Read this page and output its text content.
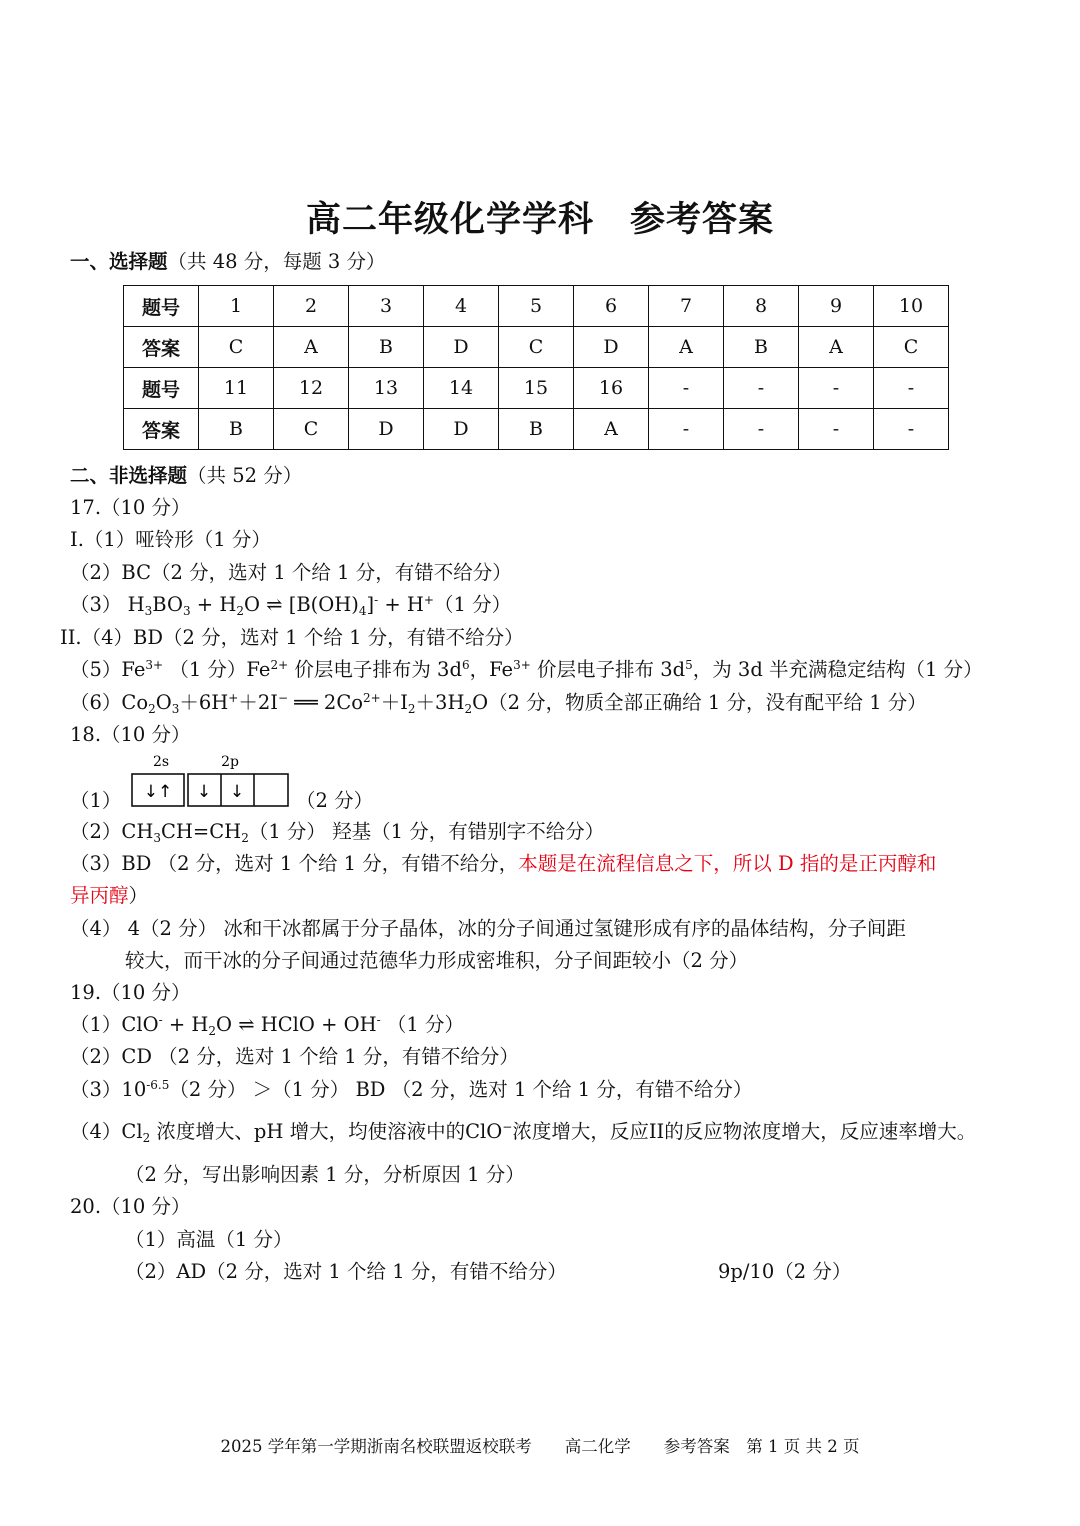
高二年级化学学科　参考答案
一、选择题（共 48 分，每题 3 分）
题号	1	2	3	4	5	6	7	8	9	10
答案	C	A	B	D	C	D	A	B	A	C
题号	11	12	13	14	15	16	-	-	-	-
答案	B	C	D	D	B	A	-	-	-	-
二、非选择题（共 52 分）
17.（10 分）
I.（1）哑铃形（1 分）
（2）BC（2 分，选对 1 个给 1 分，有错不给分）
（3） $H_3BO_3 + H_2O$ ⇌ $[B(OH)_4]^- + H^+(1$ 分）
II.（4）BD（2 分，选对 1 个给 1 分，有错不给分）
$(5)Fe^{3+}$ （1 分）$Fe^{2+}$ 价层电子排布为 $3d^6$，$Fe^{3+}$ 价层电子排布 $3d^5$，为 3d 半充满稳定结构（1 分）
$(6)Co_2O_3+6H^++2I^-$ ══ $2Co^{2+}+I_2+3H_2O(2$ 分，物质全部正确给 1 分，没有配平给 1 分）
18.（10 分）
（1）
2s	2p
↓↑ ↓ ↓	（2 分）
$(2)CH_3CH=CH_2(1$ 分） 羟基（1 分，有错别字不给分）
（3）BD （2 分，选对 1 个给 1 分，有错不给分，本题是在流程信息之下，所以 D 指的是正丙醇和
异丙醇）
（4） 4（2 分） 冰和干冰都属于分子晶体，冰的分子间通过氢键形成有序的晶体结构，分子间距
较大，而干冰的分子间通过范德华力形成密堆积，分子间距较小（2 分）
19.（10 分）
$(1)ClO^- + H_2O$ ⇌ HClO + OH- （1 分）
（2）CD （2 分，选对 1 个给 1 分，有错不给分）
$(3)10^{-6.5}(2$ 分） ＞（1 分） BD （2 分，选对 1 个给 1 分，有错不给分）
$(4)Cl_2$ 浓度增大、pH 增大，均使溶液中的ClO−浓度增大，反应II的反应物浓度增大，反应速率增大。
（2 分，写出影响因素 1 分，分析原因 1 分）
20.（10 分）
（1）高温（1 分）
（2）AD（2 分，选对 1 个给 1 分，有错不给分）	9p/10（2 分）
2025 学年第一学期浙南名校联盟返校联考　　高二化学　　参考答案　第 1 页 共 2 页
